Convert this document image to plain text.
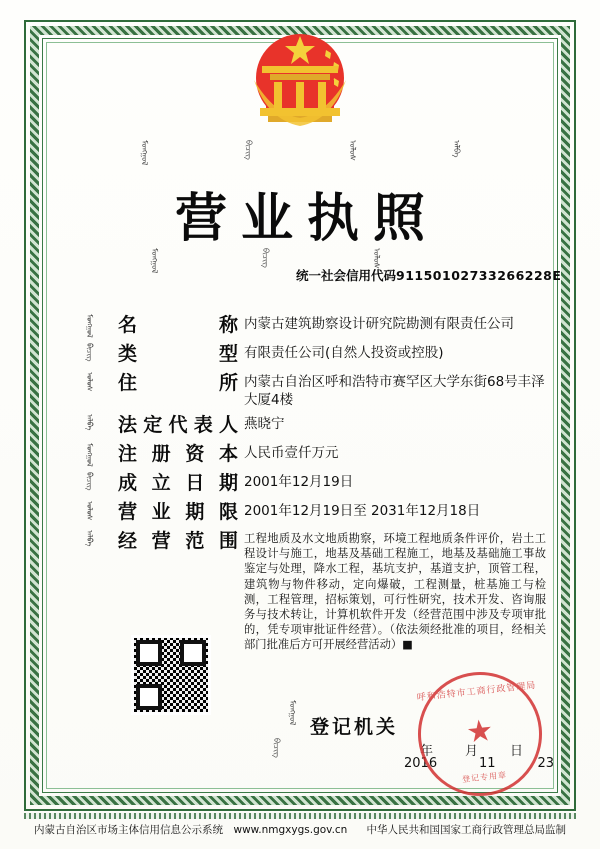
ᠮᠣᠩᠭᠣᠯ	ᠪᠢᠴᠢᠭ	ᠤᠯᠤᠰ	ᠠᠯᠪᠠ
营业执照
ᠮᠣᠩᠭᠣᠯ	ᠪᠢᠴᠢᠭ	ᠤᠯᠤᠰ
统一社会信用代码91150102733266228E
ᠮᠣᠩᠭᠣᠯ 名	称 内蒙古建筑勘察设计研究院勘测有限责任公司
ᠪᠢᠴᠢᠭ 类	型 有限责任公司(自然人投资或控股)
ᠤᠯᠤᠰ 住	所 内蒙古自治区呼和浩特市赛罕区大学东街68号丰泽大厦4楼
ᠠᠯᠪᠠ 法 定 代 表 人 燕晓宁
ᠮᠣᠩᠭᠣᠯ 注 册 资 本 人民币壹仟万元
ᠪᠢᠴᠢᠭ 成 立 日 期 2001年12月19日
ᠤᠯᠤᠰ 营 业 期 限 2001年12月19日至 2031年12月18日
ᠠᠯᠪᠠ 经 营 范 围 工程地质及水文地质勘察，环境工程地质条件评价，岩土工程设计与施工，地基及基础工程施工，地基及基础施工事故鉴定与处理，降水工程，基坑支护，基道支护，顶管工程，建筑物与物件移动，定向爆破，工程测量，桩基施工与检测，工程管理，招标策划，可行性研究，技术开发、咨询服务与技术转让，计算机软件开发（经营范围中涉及专项审批的，凭专项审批证件经营）。（依法须经批准的项目，经相关部门批准后方可开展经营活动）■
ᠮᠣᠩᠭᠣᠯ
登记机关
ᠪᠢᠴᠢᠭ	年　　月　　日
2016	11	23
呼和浩特市工商行政管理局
★
登记专用章
内蒙古自治区市场主体信用信息公示系统　www.nmgxygs.gov.cn 中华人民共和国国家工商行政管理总局监制
